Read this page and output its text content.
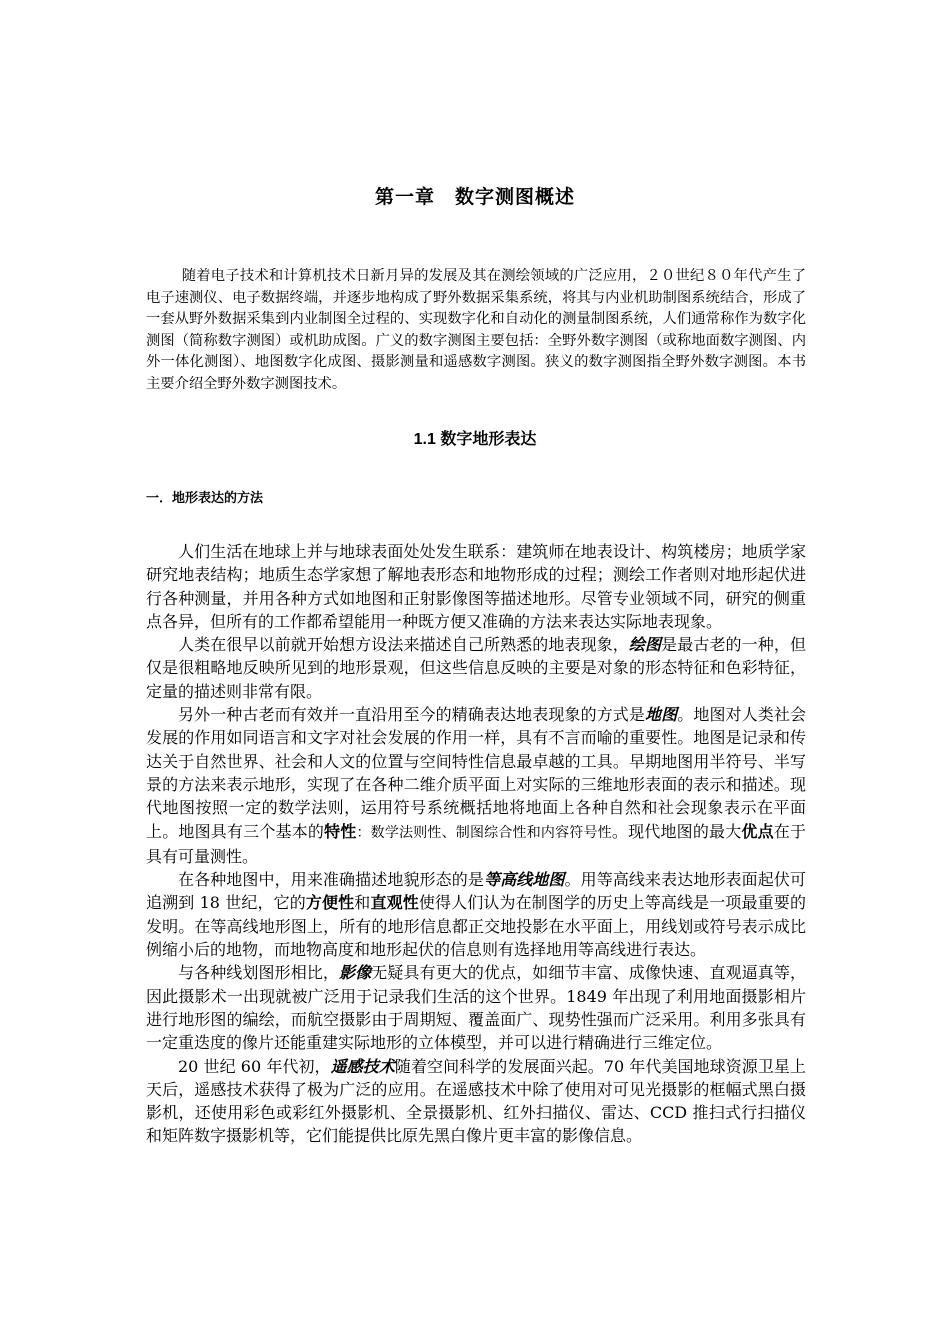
第一章　数字测图概述

随着电子技术和计算机技术日新月异的发展及其在测绘领域的广泛应用，２０世纪８０年代产生了电子速测仪、电子数据终端，并逐步地构成了野外数据采集系统，将其与内业机助制图系统结合，形成了一套从野外数据采集到内业制图全过程的、实现数字化和自动化的测量制图系统，人们通常称作为数字化测图（简称数字测图）或机助成图。广义的数字测图主要包括：全野外数字测图（或称地面数字测图、内外一体化测图）、地图数字化成图、摄影测量和遥感数字测图。狭义的数字测图指全野外数字测图。本书主要介绍全野外数字测图技术。

1.1 数字地形表达
一．地形表达的方法

人们生活在地球上并与地球表面处处发生联系：建筑师在地表设计、构筑楼房；地质学家研究地表结构；地质生态学家想了解地表形态和地物形成的过程；测绘工作者则对地形起伏进行各种测量，并用各种方式如地图和正射影像图等描述地形。尽管专业领域不同，研究的侧重点各异，但所有的工作都希望能用一种既方便又准确的方法来表达实际地表现象。

人类在很早以前就开始想方设法来描述自己所熟悉的地表现象，绘图是最古老的一种，但仅是很粗略地反映所见到的地形景观，但这些信息反映的主要是对象的形态特征和色彩特征，定量的描述则非常有限。

另外一种古老而有效并一直沿用至今的精确表达地表现象的方式是地图。地图对人类社会发展的作用如同语言和文字对社会发展的作用一样，具有不言而喻的重要性。地图是记录和传达关于自然世界、社会和人文的位置与空间特性信息最卓越的工具。早期地图用半符号、半写景的方法来表示地形，实现了在各种二维介质平面上对实际的三维地形表面的表示和描述。现代地图按照一定的数学法则，运用符号系统概括地将地面上各种自然和社会现象表示在平面上。地图具有三个基本的特性：数学法则性、制图综合性和内容符号性。现代地图的最大优点在于具有可量测性。

在各种地图中，用来准确描述地貌形态的是等高线地图。用等高线来表达地形表面起伏可追溯到 18 世纪，它的方便性和直观性使得人们认为在制图学的历史上等高线是一项最重要的发明。在等高线地形图上，所有的地形信息都正交地投影在水平面上，用线划或符号表示成比例缩小后的地物，而地物高度和地形起伏的信息则有选择地用等高线进行表达。

与各种线划图形相比，影像无疑具有更大的优点，如细节丰富、成像快速、直观逼真等，因此摄影术一出现就被广泛用于记录我们生活的这个世界。1849 年出现了利用地面摄影相片进行地形图的编绘，而航空摄影由于周期短、覆盖面广、现势性强而广泛采用。利用多张具有一定重迭度的像片还能重建实际地形的立体模型，并可以进行精确进行三维定位。

20 世纪 60 年代初，遥感技术随着空间科学的发展面兴起。70 年代美国地球资源卫星上天后，遥感技术获得了极为广泛的应用。在遥感技术中除了使用对可见光摄影的框幅式黑白摄影机，还使用彩色或彩红外摄影机、全景摄影机、红外扫描仪、雷达、CCD 推扫式行扫描仪和矩阵数字摄影机等，它们能提供比原先黑白像片更丰富的影像信息。
